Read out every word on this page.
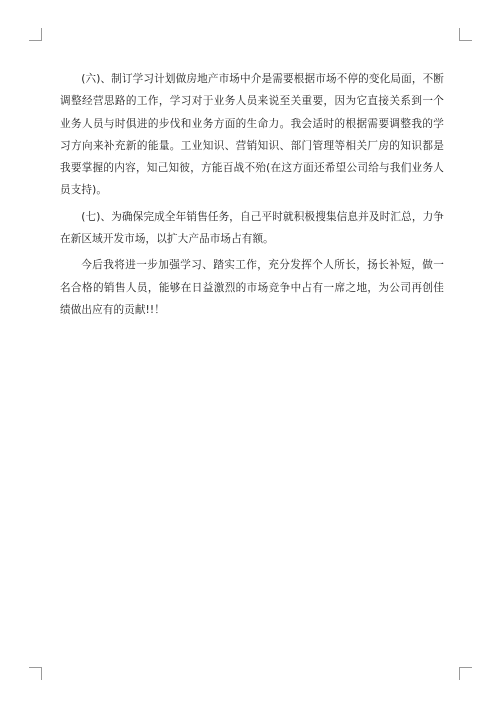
(六)、制订学习计划做房地产市场中介是需要根据市场不停的变化局面，不断调整经营思路的工作，学习对于业务人员来说至关重要，因为它直接关系到一个业务人员与时俱进的步伐和业务方面的生命力。我会适时的根据需要调整我的学习方向来补充新的能量。工业知识、营销知识、部门管理等相关厂房的知识都是我要掌握的内容，知己知彼，方能百战不殆(在这方面还希望公司给与我们业务人员支持)。

(七)、为确保完成全年销售任务，自己平时就积极搜集信息并及时汇总，力争在新区域开发市场，以扩大产品市场占有额。

今后我将进一步加强学习、踏实工作，充分发挥个人所长，扬长补短，做一名合格的销售人员，能够在日益激烈的市场竞争中占有一席之地，为公司再创佳绩做出应有的贡献!!！
